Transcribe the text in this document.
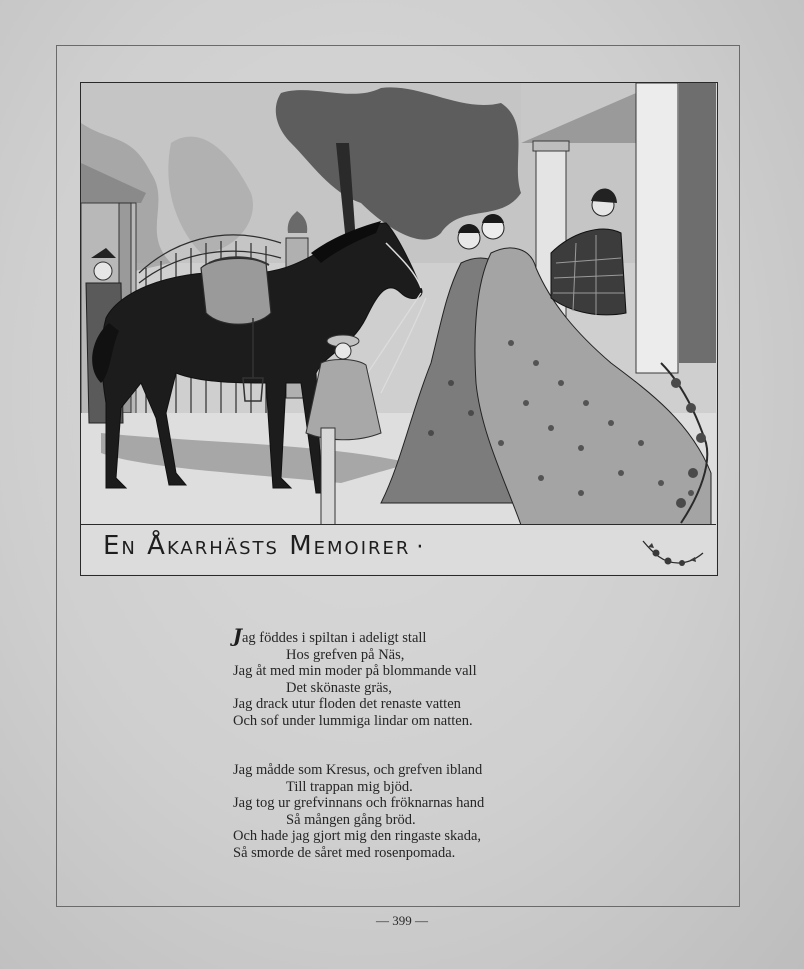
En Åkarhästs Memoirer ·
Jag föddes i spiltan i adeligt stall
Hos grefven på Näs,
Jag åt med min moder på blommande vall
Det skönaste gräs,
Jag drack utur floden det renaste vatten
Och sof under lummiga lindar om natten.
Jag mådde som Kresus, och grefven ibland
Till trappan mig bjöd.
Jag tog ur grefvinnans och fröknarnas hand
Så mången gång bröd.
Och hade jag gjort mig den ringaste skada,
Så smorde de såret med rosenpomada.
— 399 —
